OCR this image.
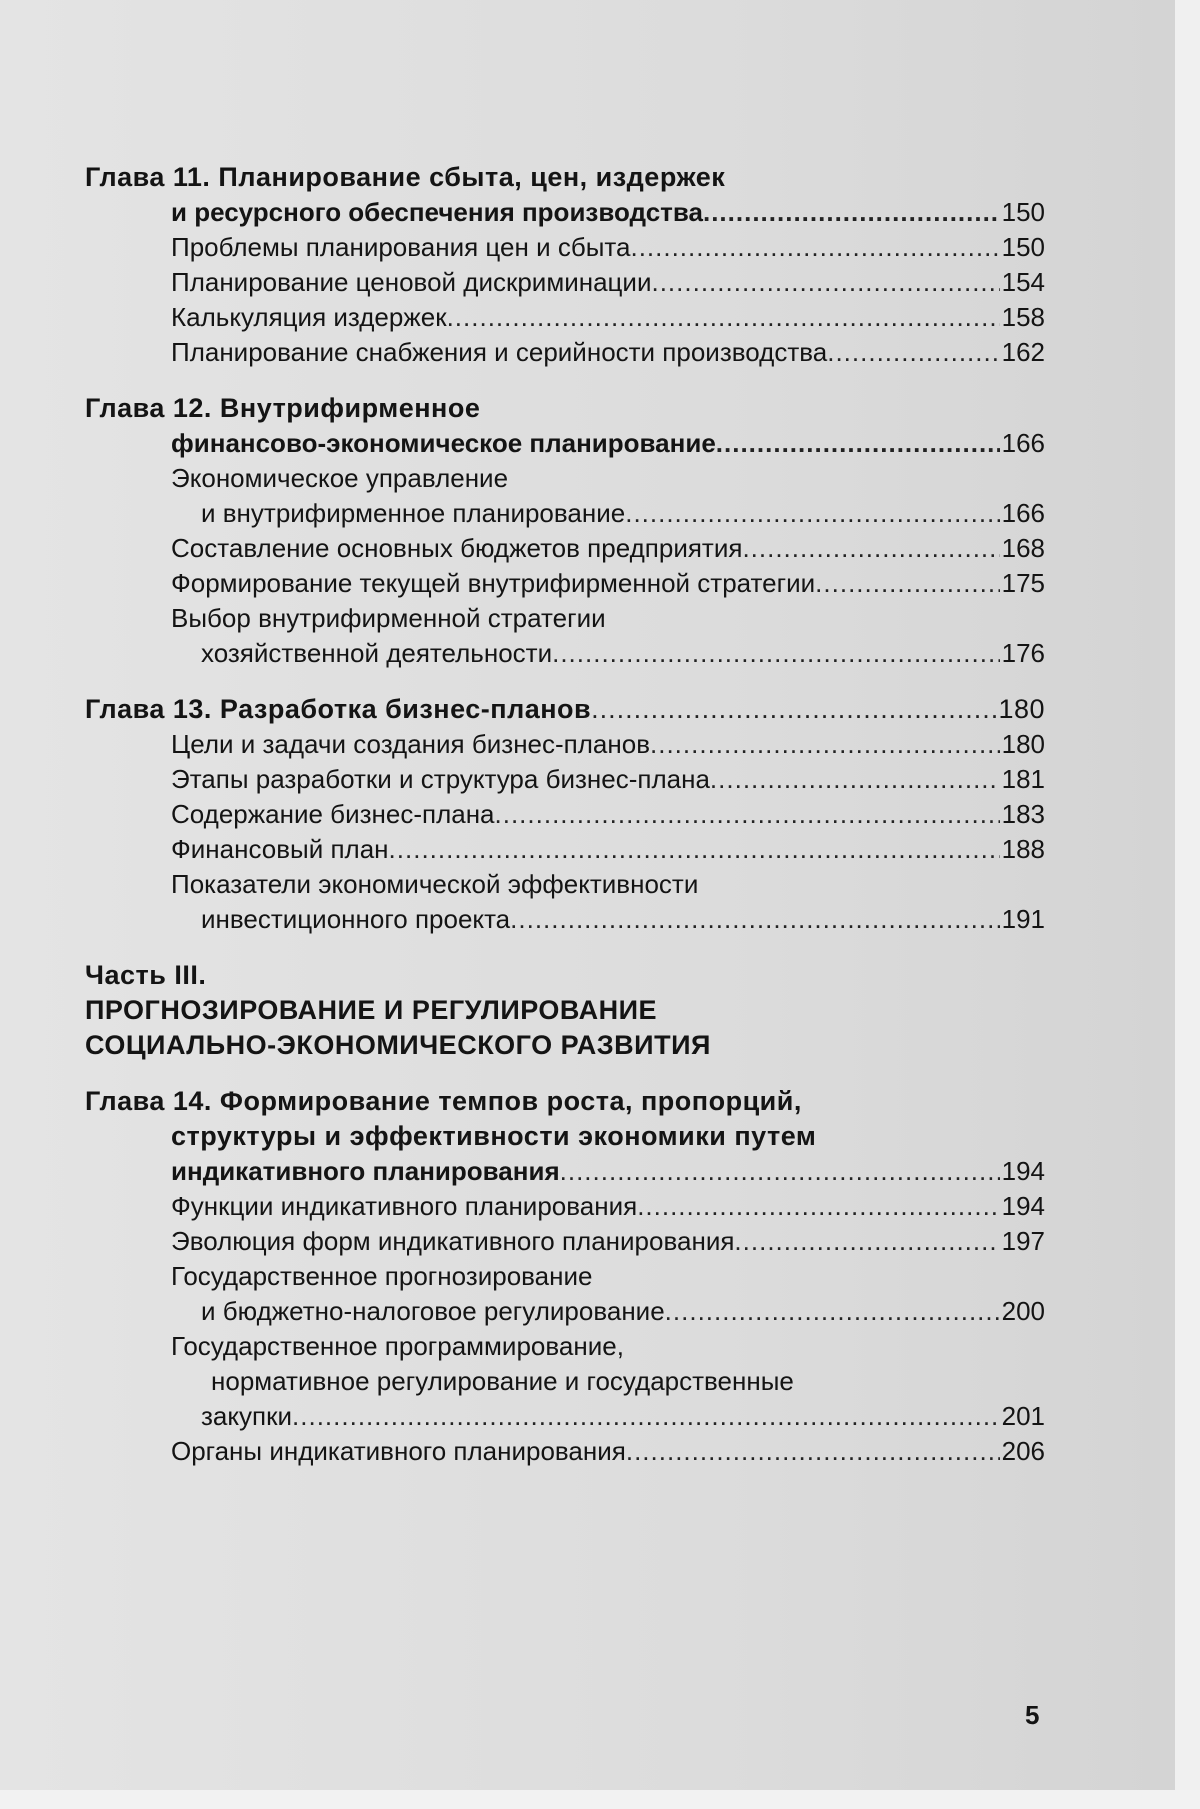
Глава 11. Планирование сбыта, цен, издержек
и ресурсного обеспечения производства .....	150
Проблемы планирования цен и сбыта .....	150
Планирование ценовой дискриминации .....	154
Калькуляция издержек .....	158
Планирование снабжения и серийности производства .....	162
Глава 12. Внутрифирменное
финансово-экономическое планирование .....	166
Экономическое управление
и внутрифирменное планирование .....	166
Составление основных бюджетов предприятия .....	168
Формирование текущей внутрифирменной стратегии .....	175
Выбор внутрифирменной стратегии
хозяйственной деятельности .....	176
Глава 13. Разработка бизнес-планов .....	180
Цели и задачи создания бизнес-планов .....	180
Этапы разработки и структура бизнес-плана .....	181
Содержание бизнес-плана .....	183
Финансовый план .....	188
Показатели экономической эффективности
инвестиционного проекта .....	191
Часть III.
ПРОГНОЗИРОВАНИЕ И РЕГУЛИРОВАНИЕ
СОЦИАЛЬНО-ЭКОНОМИЧЕСКОГО РАЗВИТИЯ
Глава 14. Формирование темпов роста, пропорций,
структуры и эффективности экономики путем
индикативного планирования .....	194
Функции индикативного планирования .....	194
Эволюция форм индикативного планирования .....	197
Государственное прогнозирование
и бюджетно-налоговое регулирование .....	200
Государственное программирование,
нормативное регулирование и государственные
закупки .....	201
Органы индикативного планирования .....	206
5
